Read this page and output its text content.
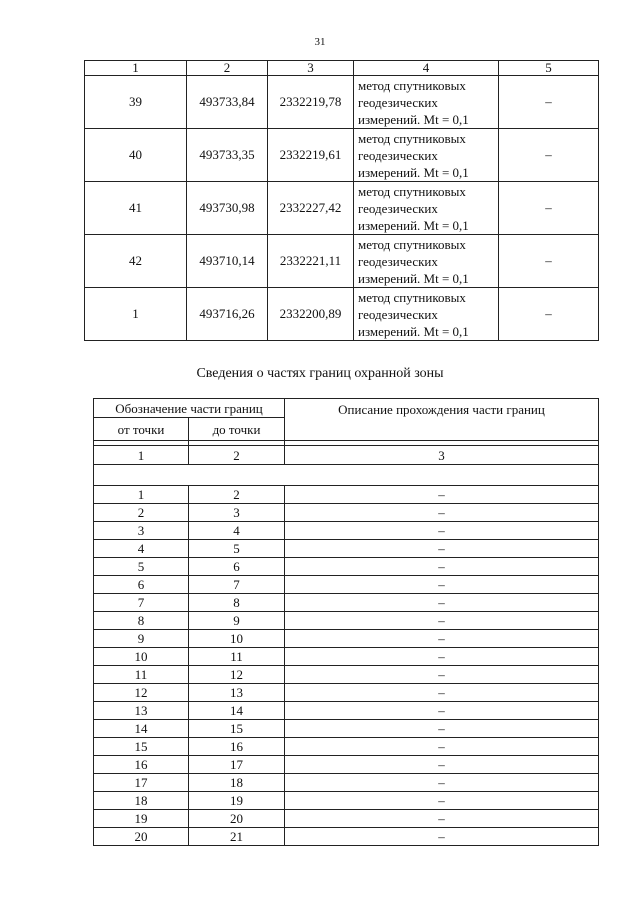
31
1	2	3	4	5
39	493733,84	2332219,78	метод спутниковых
геодезических
измерений. Mt = 0,1	–
40	493733,35	2332219,61	метод спутниковых
геодезических
измерений. Mt = 0,1	–
41	493730,98	2332227,42	метод спутниковых
геодезических
измерений. Mt = 0,1	–
42	493710,14	2332221,11	метод спутниковых
геодезических
измерений. Mt = 0,1	–
1	493716,26	2332200,89	метод спутниковых
геодезических
измерений. Mt = 0,1	–
Сведения о частях границ охранной зоны
Обозначение части границ		Описание прохождения части границ
от точки	до точки	

1	2	3

1	2	–
2	3	–
3	4	–
4	5	–
5	6	–
6	7	–
7	8	–
8	9	–
9	10	–
10	11	–
11	12	–
12	13	–
13	14	–
14	15	–
15	16	–
16	17	–
17	18	–
18	19	–
19	20	–
20	21	–
